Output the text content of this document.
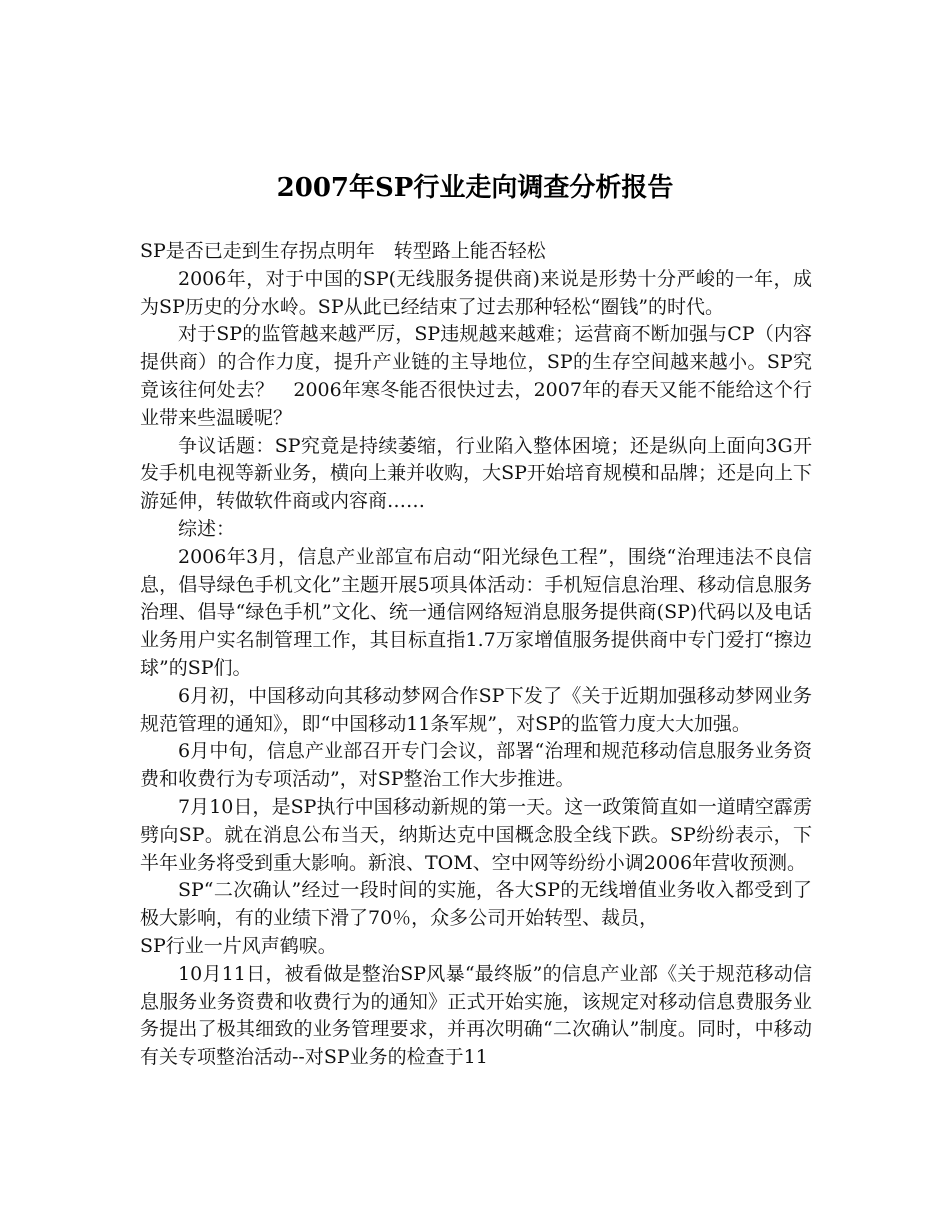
2007年SP行业走向调查分析报告

SP是否已走到生存拐点明年　转型路上能否轻松

2006年，对于中国的SP(无线服务提供商)来说是形势十分严峻的一年，成为SP历史的分水岭。SP从此已经结束了过去那种轻松“圈钱”的时代。

对于SP的监管越来越严厉，SP违规越来越难；运营商不断加强与CP（内容提供商）的合作力度，提升产业链的主导地位，SP的生存空间越来越小。SP究竟该往何处去？　2006年寒冬能否很快过去，2007年的春天又能不能给这个行业带来些温暖呢？

争议话题：SP究竟是持续萎缩，行业陷入整体困境；还是纵向上面向3G开发手机电视等新业务，横向上兼并收购，大SP开始培育规模和品牌；还是向上下游延伸，转做软件商或内容商……

综述：

2006年3月，信息产业部宣布启动“阳光绿色工程”，围绕“治理违法不良信息，倡导绿色手机文化”主题开展5项具体活动：手机短信息治理、移动信息服务治理、倡导“绿色手机”文化、统一通信网络短消息服务提供商(SP)代码以及电话业务用户实名制管理工作，其目标直指1.7万家增值服务提供商中专门爱打“擦边球”的SP们。

6月初，中国移动向其移动梦网合作SP下发了《关于近期加强移动梦网业务规范管理的通知》，即“中国移动11条军规”，对SP的监管力度大大加强。

6月中旬，信息产业部召开专门会议，部署“治理和规范移动信息服务业务资费和收费行为专项活动”，对SP整治工作大步推进。

7月10日，是SP执行中国移动新规的第一天。这一政策简直如一道晴空霹雳劈向SP。就在消息公布当天，纳斯达克中国概念股全线下跌。SP纷纷表示，下半年业务将受到重大影响。新浪、TOM、空中网等纷纷小调2006年营收预测。

SP“二次确认”经过一段时间的实施，各大SP的无线增值业务收入都受到了极大影响，有的业绩下滑了70％，众多公司开始转型、裁员，

SP行业一片风声鹤唳。

10月11日，被看做是整治SP风暴“最终版”的信息产业部《关于规范移动信息服务业务资费和收费行为的通知》正式开始实施，该规定对移动信息费服务业务提出了极其细致的业务管理要求，并再次明确“二次确认”制度。同时，中移动有关专项整治活动--对SP业务的检查于11
